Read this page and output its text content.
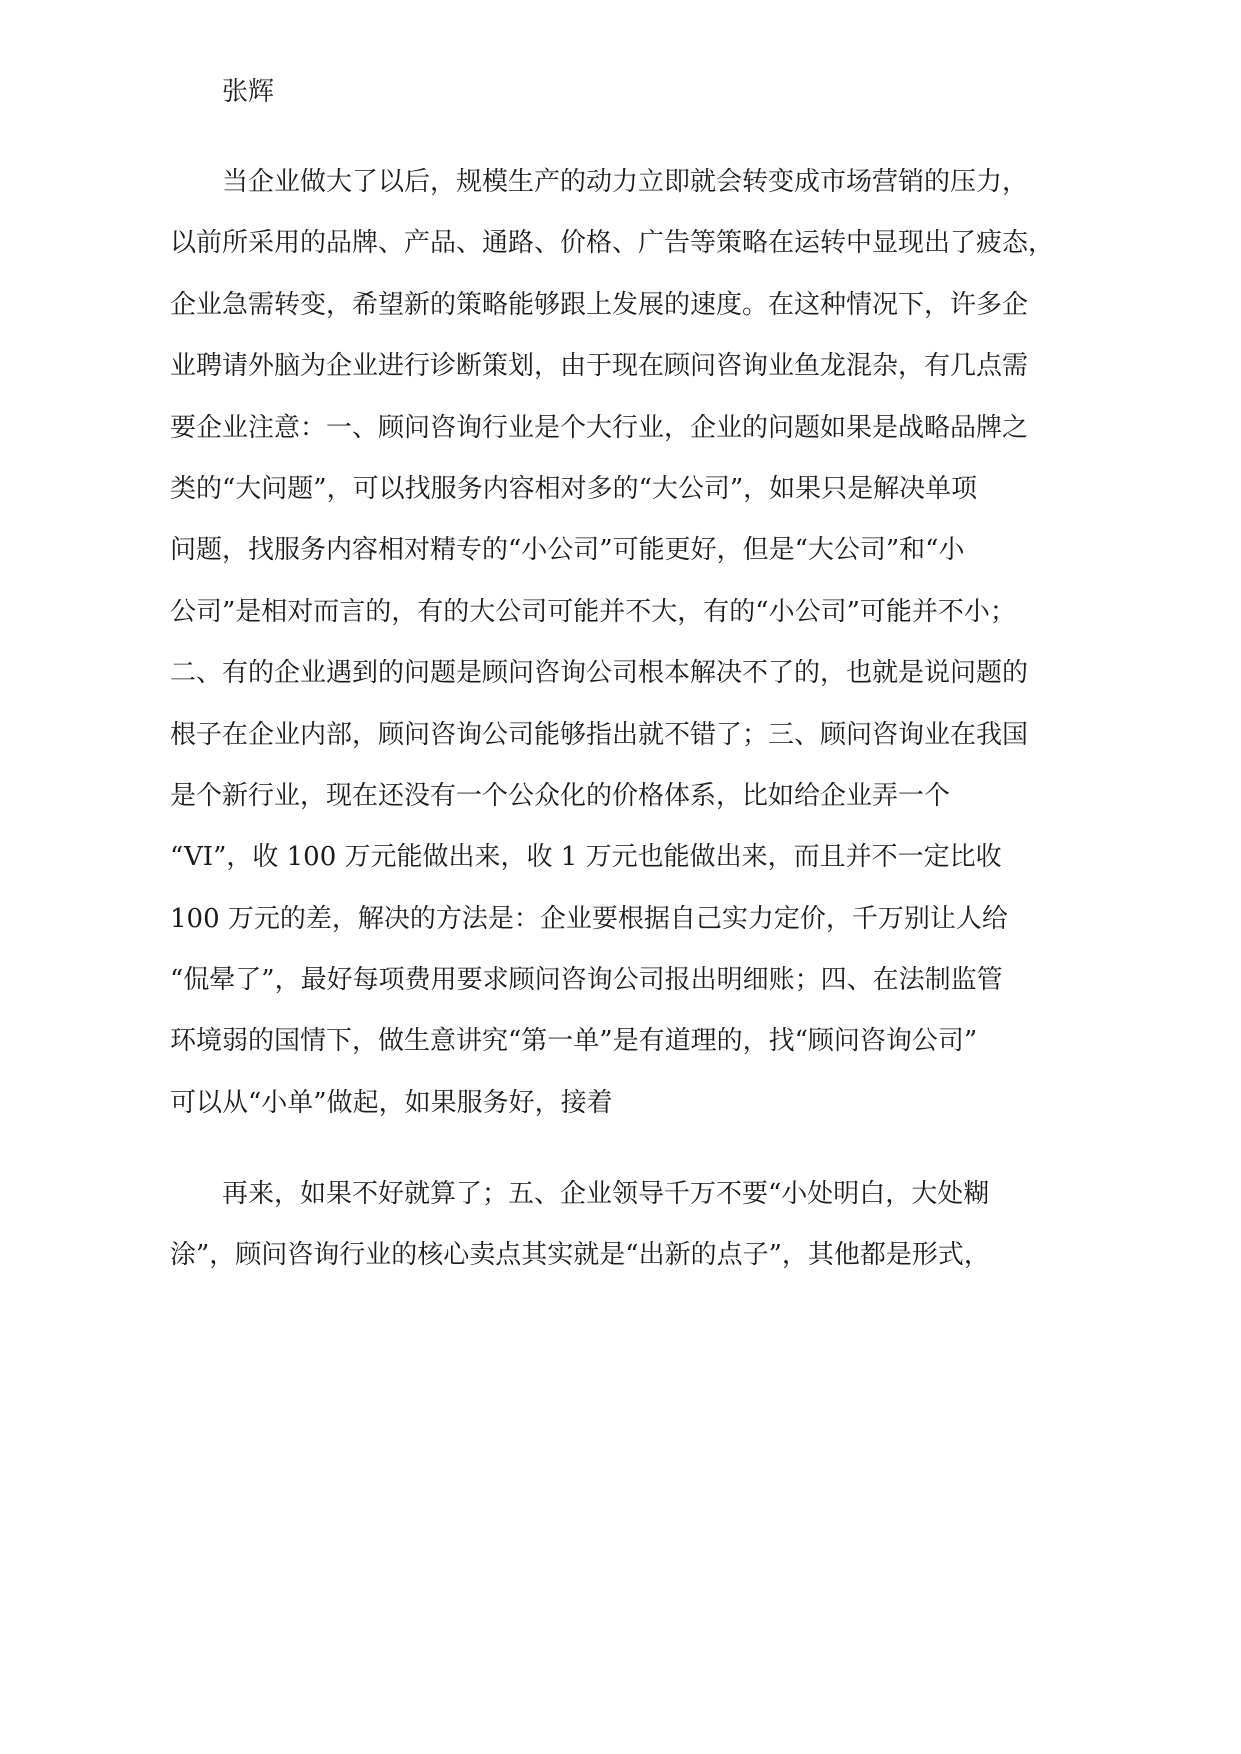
张辉
当企业做大了以后，规模生产的动力立即就会转变成市场营销的压力，
以前所采用的品牌、产品、通路、价格、广告等策略在运转中显现出了疲态，
企业急需转变，希望新的策略能够跟上发展的速度。在这种情况下，许多企
业聘请外脑为企业进行诊断策划，由于现在顾问咨询业鱼龙混杂，有几点需
要企业注意：一、顾问咨询行业是个大行业，企业的问题如果是战略品牌之
类的“大问题”，可以找服务内容相对多的“大公司”，如果只是解决单项
问题，找服务内容相对精专的“小公司”可能更好，但是“大公司”和“小
公司”是相对而言的，有的大公司可能并不大，有的“小公司”可能并不小；
二、有的企业遇到的问题是顾问咨询公司根本解决不了的，也就是说问题的
根子在企业内部，顾问咨询公司能够指出就不错了；三、顾问咨询业在我国
是个新行业，现在还没有一个公众化的价格体系，比如给企业弄一个
“VI”，收 100 万元能做出来，收 1 万元也能做出来，而且并不一定比收
100 万元的差，解决的方法是：企业要根据自己实力定价，千万别让人给
“侃晕了”，最好每项费用要求顾问咨询公司报出明细账；四、在法制监管
环境弱的国情下，做生意讲究“第一单”是有道理的，找“顾问咨询公司”
可以从“小单”做起，如果服务好，接着
再来，如果不好就算了；五、企业领导千万不要“小处明白，大处糊
涂”，顾问咨询行业的核心卖点其实就是“出新的点子”，其他都是形式，
